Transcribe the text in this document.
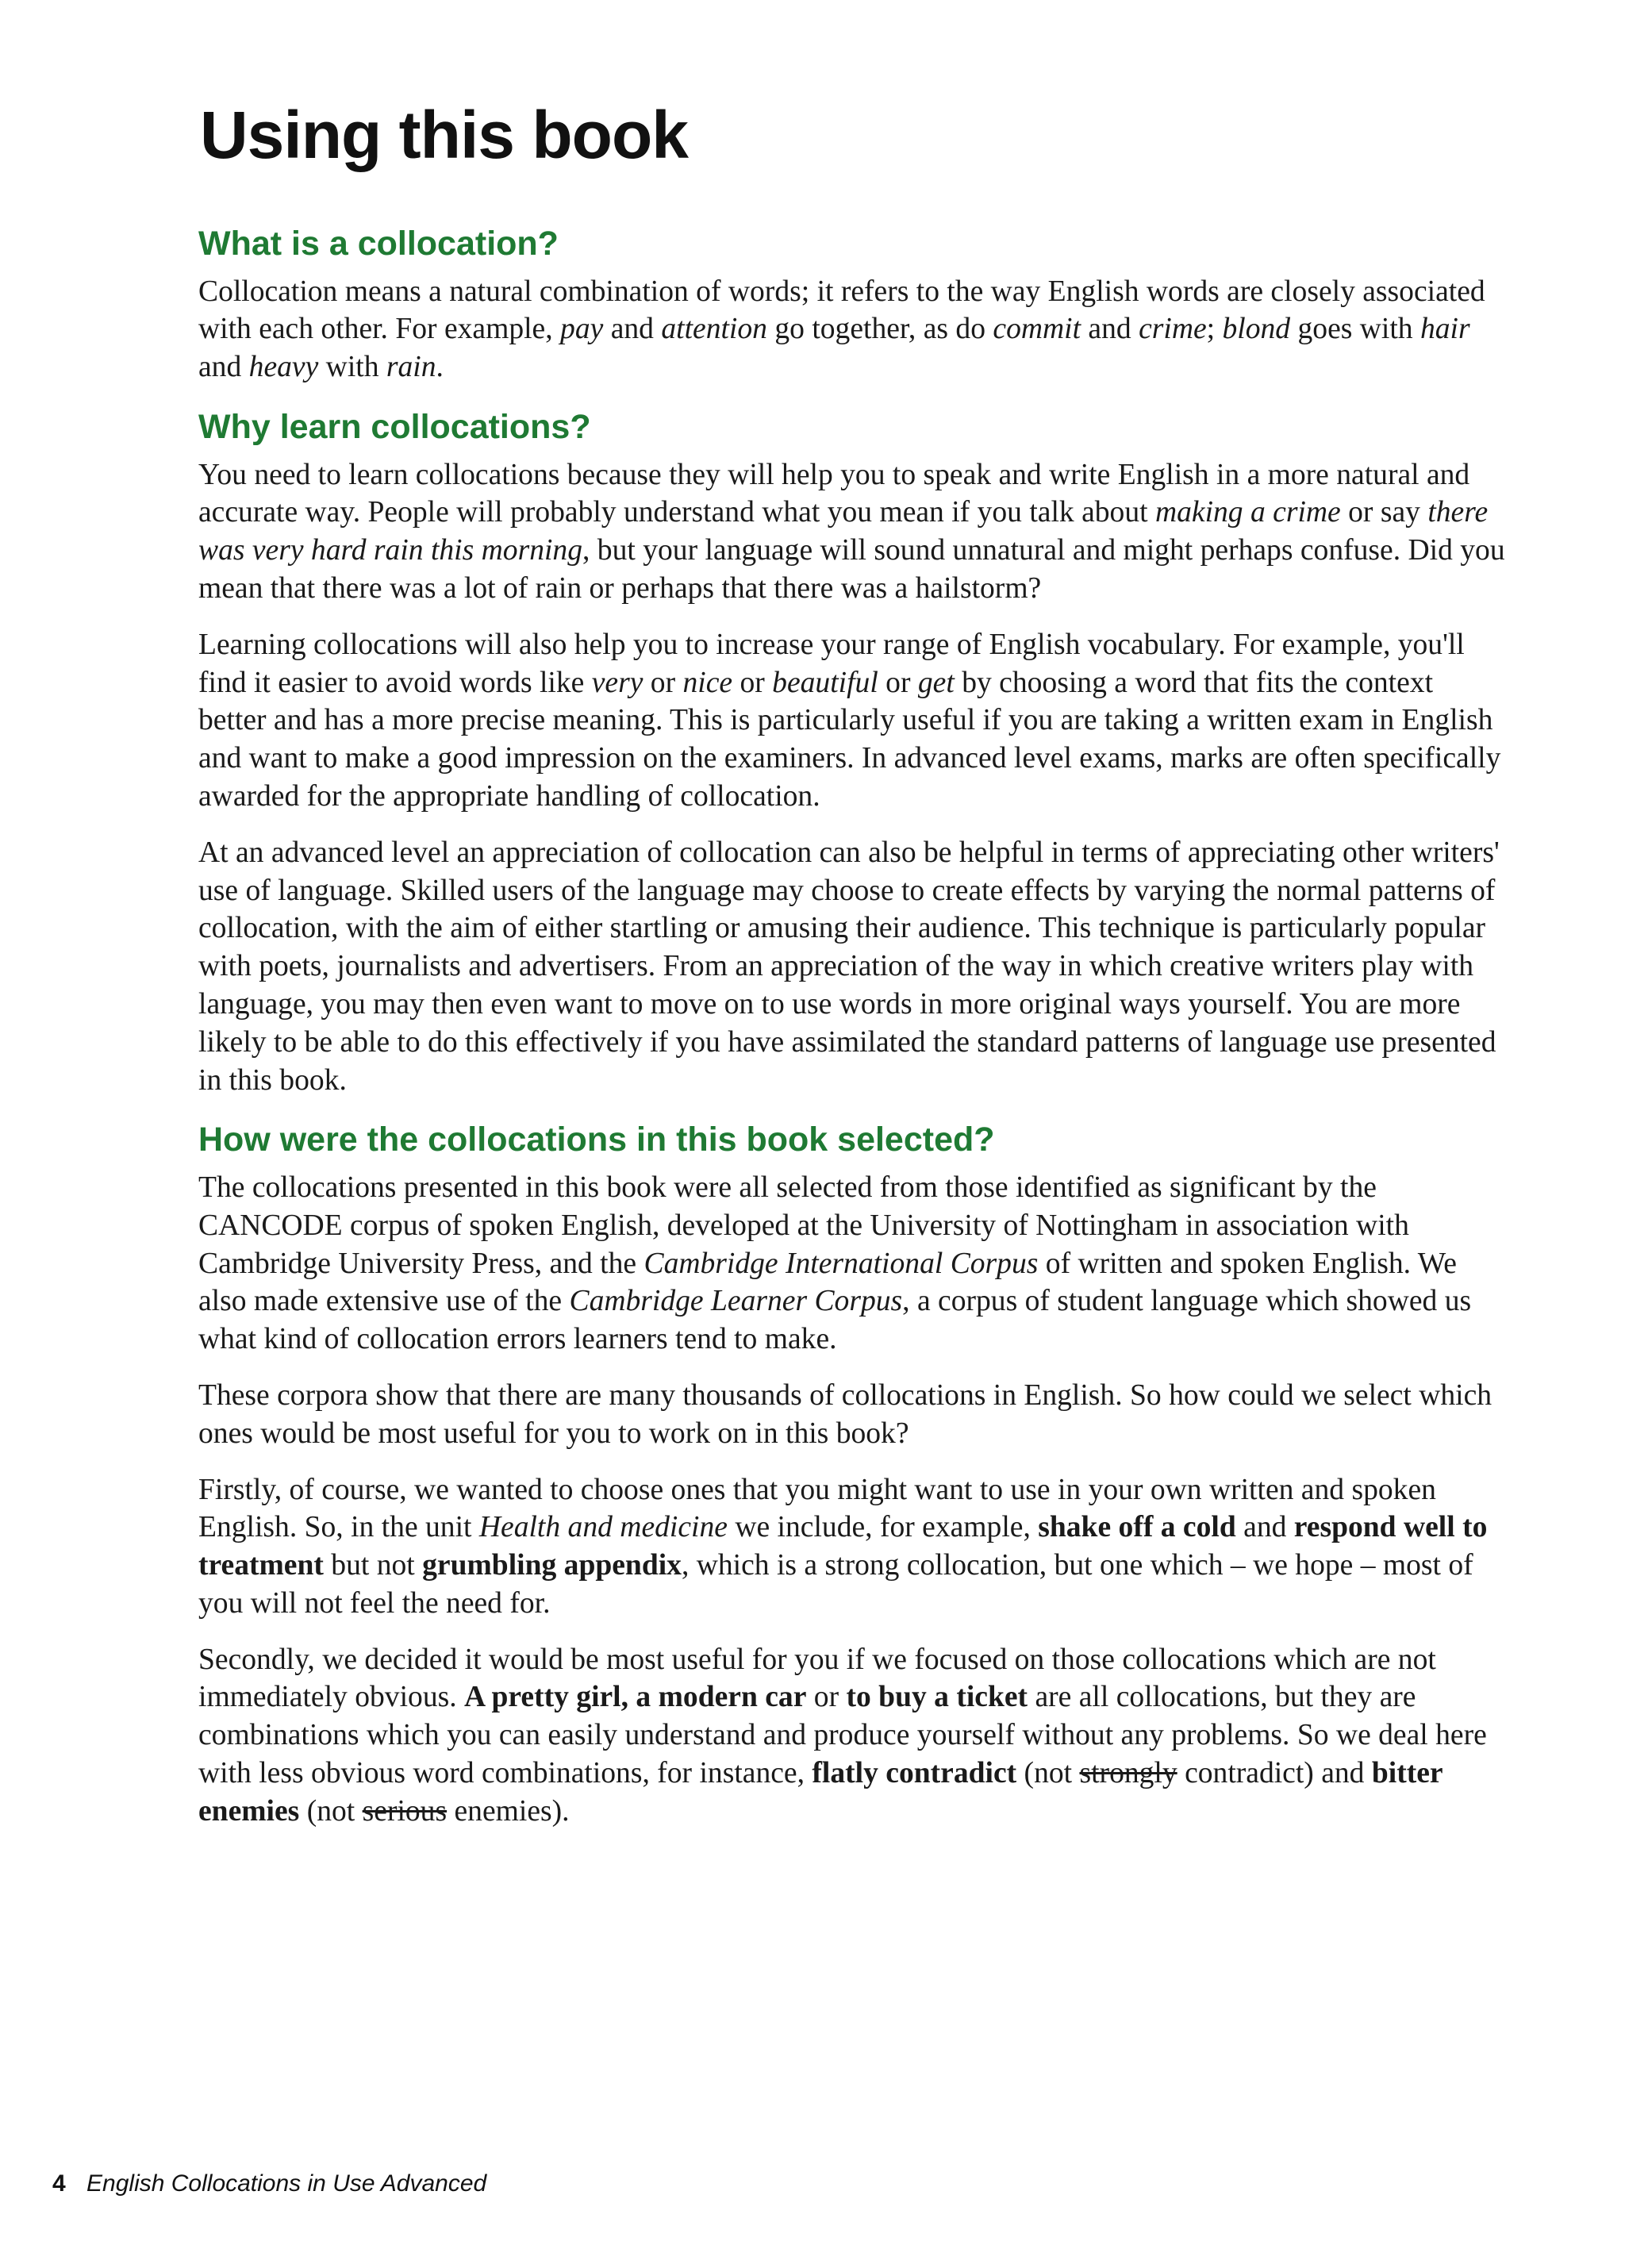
Using this book
What is a collocation?

Collocation means a natural combination of words; it refers to the way English words are closely associated with each other. For example, pay and attention go together, as do commit and crime; blond goes with hair and heavy with rain.

Why learn collocations?

You need to learn collocations because they will help you to speak and write English in a more natural and accurate way. People will probably understand what you mean if you talk about making a crime or say there was very hard rain this morning, but your language will sound unnatural and might perhaps confuse. Did you mean that there was a lot of rain or perhaps that there was a hailstorm?

Learning collocations will also help you to increase your range of English vocabulary. For example, you'll find it easier to avoid words like very or nice or beautiful or get by choosing a word that fits the context better and has a more precise meaning. This is particularly useful if you are taking a written exam in English and want to make a good impression on the examiners. In advanced level exams, marks are often specifically awarded for the appropriate handling of collocation.

At an advanced level an appreciation of collocation can also be helpful in terms of appreciating other writers' use of language. Skilled users of the language may choose to create effects by varying the normal patterns of collocation, with the aim of either startling or amusing their audience. This technique is particularly popular with poets, journalists and advertisers. From an appreciation of the way in which creative writers play with language, you may then even want to move on to use words in more original ways yourself. You are more likely to be able to do this effectively if you have assimilated the standard patterns of language use presented in this book.

How were the collocations in this book selected?

The collocations presented in this book were all selected from those identified as significant by the CANCODE corpus of spoken English, developed at the University of Nottingham in association with Cambridge University Press, and the Cambridge International Corpus of written and spoken English. We also made extensive use of the Cambridge Learner Corpus, a corpus of student language which showed us what kind of collocation errors learners tend to make.

These corpora show that there are many thousands of collocations in English. So how could we select which ones would be most useful for you to work on in this book?

Firstly, of course, we wanted to choose ones that you might want to use in your own written and spoken English. So, in the unit Health and medicine we include, for example, shake off a cold and respond well to treatment but not grumbling appendix, which is a strong collocation, but one which – we hope – most of you will not feel the need for.

Secondly, we decided it would be most useful for you if we focused on those collocations which are not immediately obvious. A pretty girl, a modern car or to buy a ticket are all collocations, but they are combinations which you can easily understand and produce yourself without any problems. So we deal here with less obvious word combinations, for instance, flatly contradict (not strongly contradict) and bitter enemies (not serious enemies).

4 English Collocations in Use Advanced
